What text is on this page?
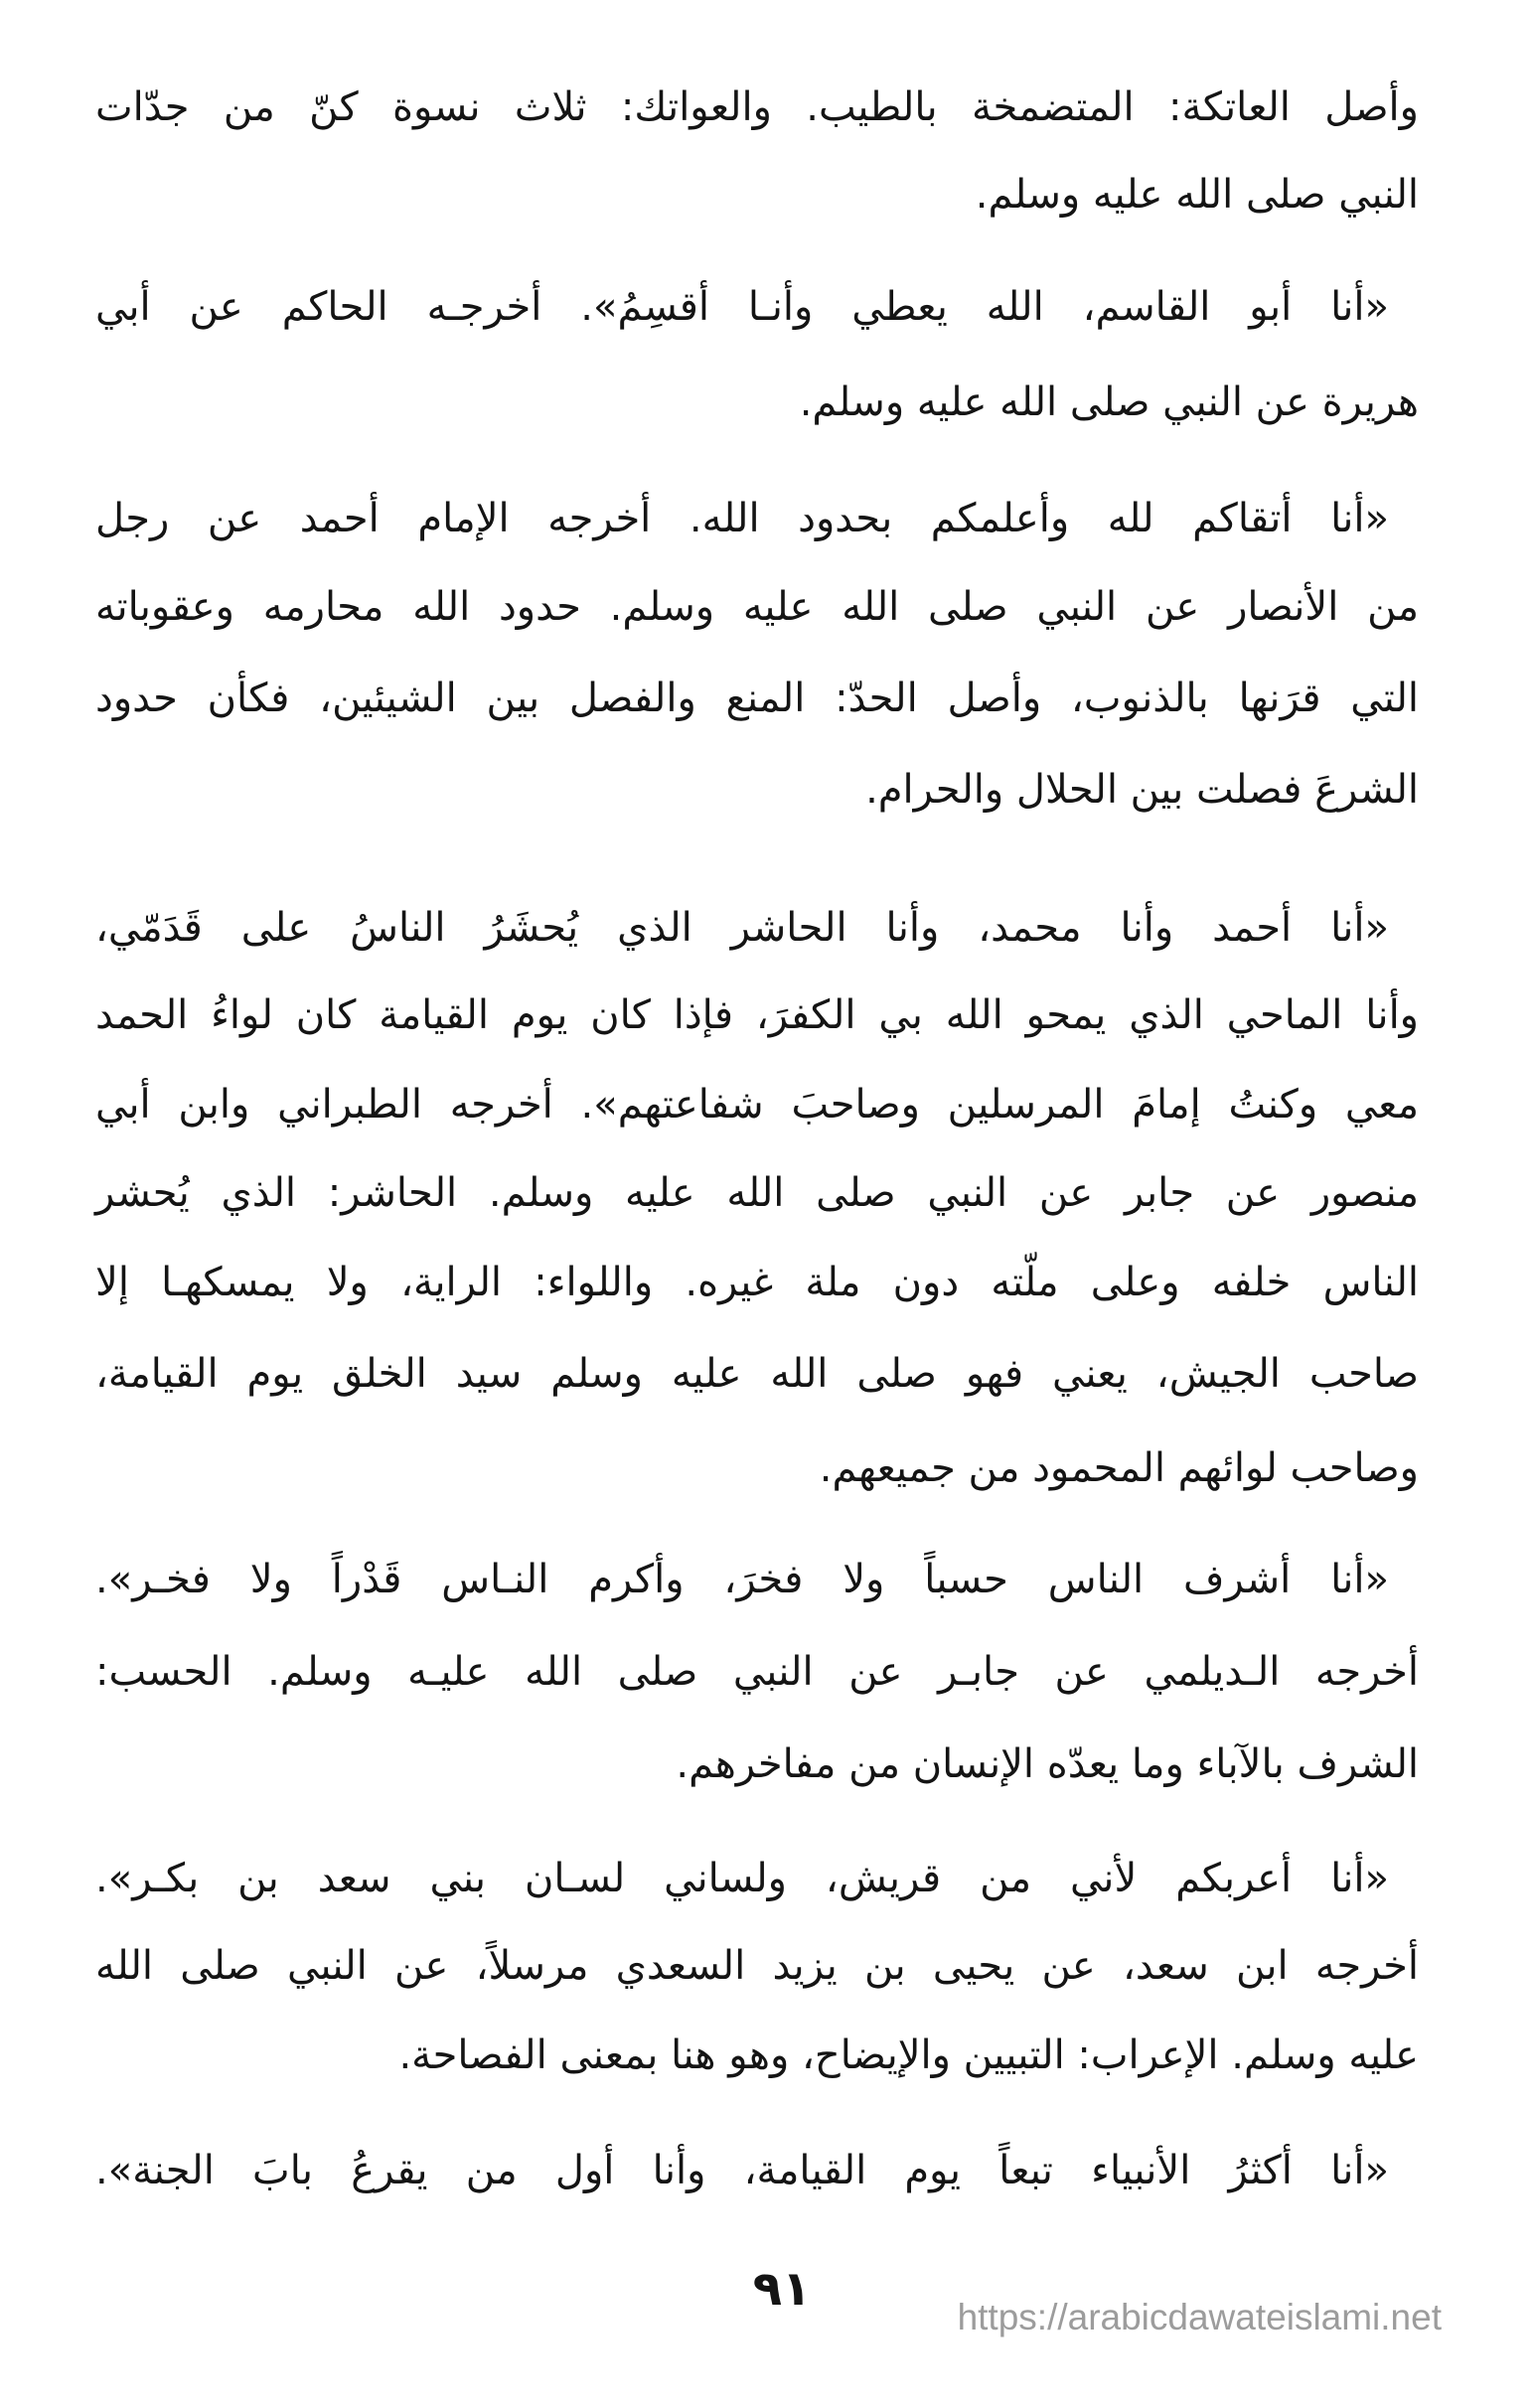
وأصل العاتكة: المتضمخة بالطيب. والعواتك: ثلاث نسوة كنّ من جدّات
النبي صلى الله عليه وسلم.
«أنا أبو القاسم، الله يعطي وأنـا أقسِمُ». أخرجـه الحاكم عن أبي
هريرة عن النبي صلى الله عليه وسلم.
«أنا أتقاكم لله وأعلمكم بحدود الله. أخرجه الإمام أحمد عن رجل
من الأنصار عن النبي صلى الله عليه وسلم. حدود الله محارمه وعقوباته
التي قرَنها بالذنوب، وأصل الحدّ: المنع والفصل بين الشيئين، فكأن حدود
الشرعَ فصلت بين الحلال والحرام.
«أنا أحمد وأنا محمد، وأنا الحاشر الذي يُحشَرُ الناسُ على قَدَمّي،
وأنا الماحي الذي يمحو الله بي الكفرَ، فإذا كان يوم القيامة كان لواءُ الحمد
معي وكنتُ إمامَ المرسلين وصاحبَ شفاعتهم». أخرجه الطبراني وابن أبي
منصور عن جابر عن النبي صلى الله عليه وسلم. الحاشر: الذي يُحشر
الناس خلفه وعلى ملّته دون ملة غيره. واللواء: الراية، ولا يمسكهـا إلا
صاحب الجيش، يعني فهو صلى الله عليه وسلم سيد الخلق يوم القيامة،
وصاحب لوائهم المحمود من جميعهم.
«أنا أشرف الناس حسباً ولا فخرَ، وأكرم النـاس قَدْراً ولا فخـر».
أخرجه الـديلمي عن جابـر عن النبي صلى الله عليـه وسلم. الحسب:
الشرف بالآباء وما يعدّه الإنسان من مفاخرهم.
«أنا أعربكم لأني من قريش، ولساني لسـان بني سعد بن بكـر».
أخرجه ابن سعد، عن يحيى بن يزيد السعدي مرسلاً، عن النبي صلى الله
عليه وسلم. الإعراب: التبيين والإيضاح، وهو هنا بمعنى الفصاحة.
«أنا أكثرُ الأنبياء تبعاً يوم القيامة، وأنا أول من يقرعُ بابَ الجنة».
٩١
https://arabicdawateislami.net
